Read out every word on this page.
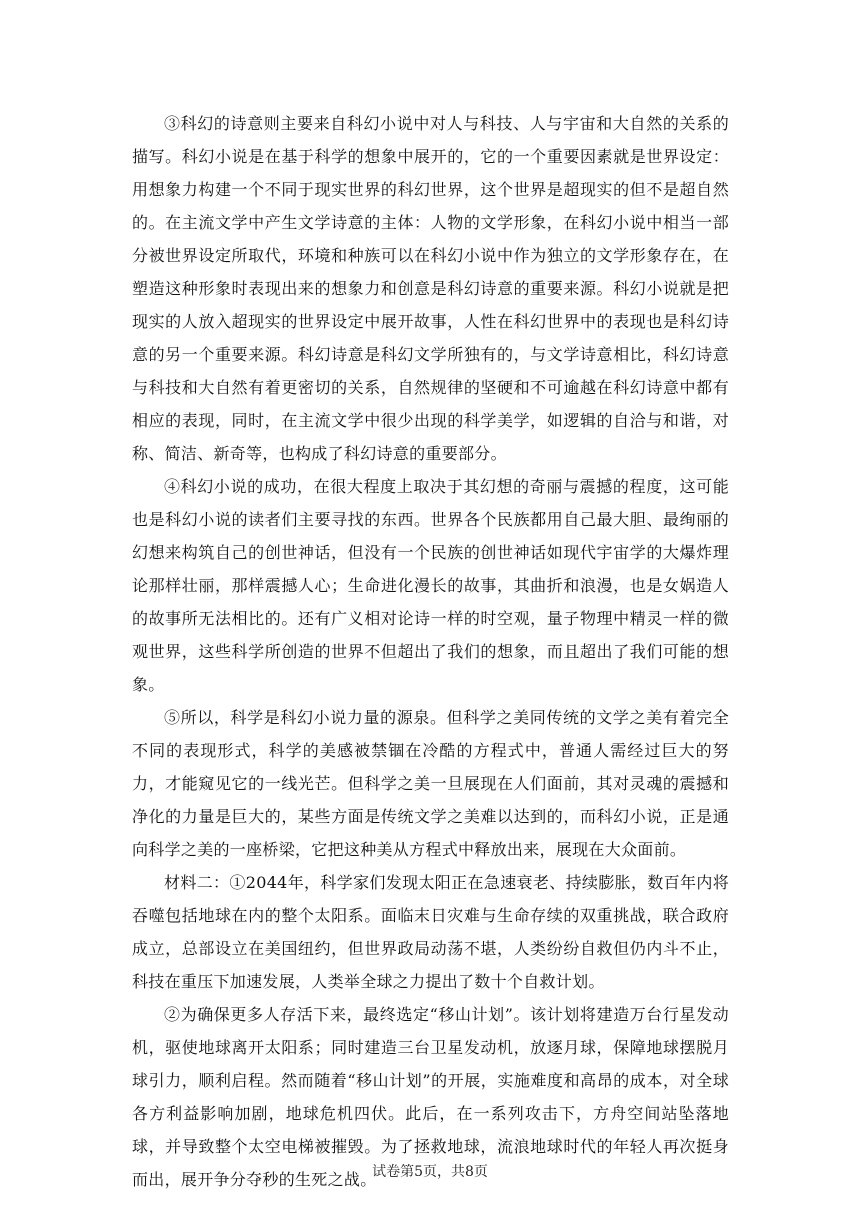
③科幻的诗意则主要来自科幻小说中对人与科技、人与宇宙和大自然的关系的描写。科幻小说是在基于科学的想象中展开的，它的一个重要因素就是世界设定：用想象力构建一个不同于现实世界的科幻世界，这个世界是超现实的但不是超自然的。在主流文学中产生文学诗意的主体：人物的文学形象，在科幻小说中相当一部分被世界设定所取代，环境和种族可以在科幻小说中作为独立的文学形象存在，在塑造这种形象时表现出来的想象力和创意是科幻诗意的重要来源。科幻小说就是把现实的人放入超现实的世界设定中展开故事，人性在科幻世界中的表现也是科幻诗意的另一个重要来源。科幻诗意是科幻文学所独有的，与文学诗意相比，科幻诗意与科技和大自然有着更密切的关系，自然规律的坚硬和不可逾越在科幻诗意中都有相应的表现，同时，在主流文学中很少出现的科学美学，如逻辑的自洽与和谐，对称、简洁、新奇等，也构成了科幻诗意的重要部分。

④科幻小说的成功，在很大程度上取决于其幻想的奇丽与震撼的程度，这可能也是科幻小说的读者们主要寻找的东西。世界各个民族都用自己最大胆、最绚丽的幻想来构筑自己的创世神话，但没有一个民族的创世神话如现代宇宙学的大爆炸理论那样壮丽，那样震撼人心；生命进化漫长的故事，其曲折和浪漫，也是女娲造人的故事所无法相比的。还有广义相对论诗一样的时空观，量子物理中精灵一样的微观世界，这些科学所创造的世界不但超出了我们的想象，而且超出了我们可能的想象。

⑤所以，科学是科幻小说力量的源泉。但科学之美同传统的文学之美有着完全不同的表现形式，科学的美感被禁锢在冷酷的方程式中，普通人需经过巨大的努力，才能窥见它的一线光芒。但科学之美一旦展现在人们面前，其对灵魂的震撼和净化的力量是巨大的，某些方面是传统文学之美难以达到的，而科幻小说，正是通向科学之美的一座桥梁，它把这种美从方程式中释放出来，展现在大众面前。

材料二：①2044年，科学家们发现太阳正在急速衰老、持续膨胀，数百年内将吞噬包括地球在内的整个太阳系。面临末日灾难与生命存续的双重挑战，联合政府成立，总部设立在美国纽约，但世界政局动荡不堪，人类纷纷自救但仍内斗不止，科技在重压下加速发展，人类举全球之力提出了数十个自救计划。

②为确保更多人存活下来，最终选定“移山计划”。该计划将建造万台行星发动机，驱使地球离开太阳系；同时建造三台卫星发动机，放逐月球，保障地球摆脱月球引力，顺利启程。然而随着“移山计划”的开展，实施难度和高昂的成本，对全球各方利益影响加剧，地球危机四伏。此后，在一系列攻击下，方舟空间站坠落地球，并导致整个太空电梯被摧毁。为了拯救地球，流浪地球时代的年轻人再次挺身而出，展开争分夺秒的生死之战。

试卷第5页，共8页
